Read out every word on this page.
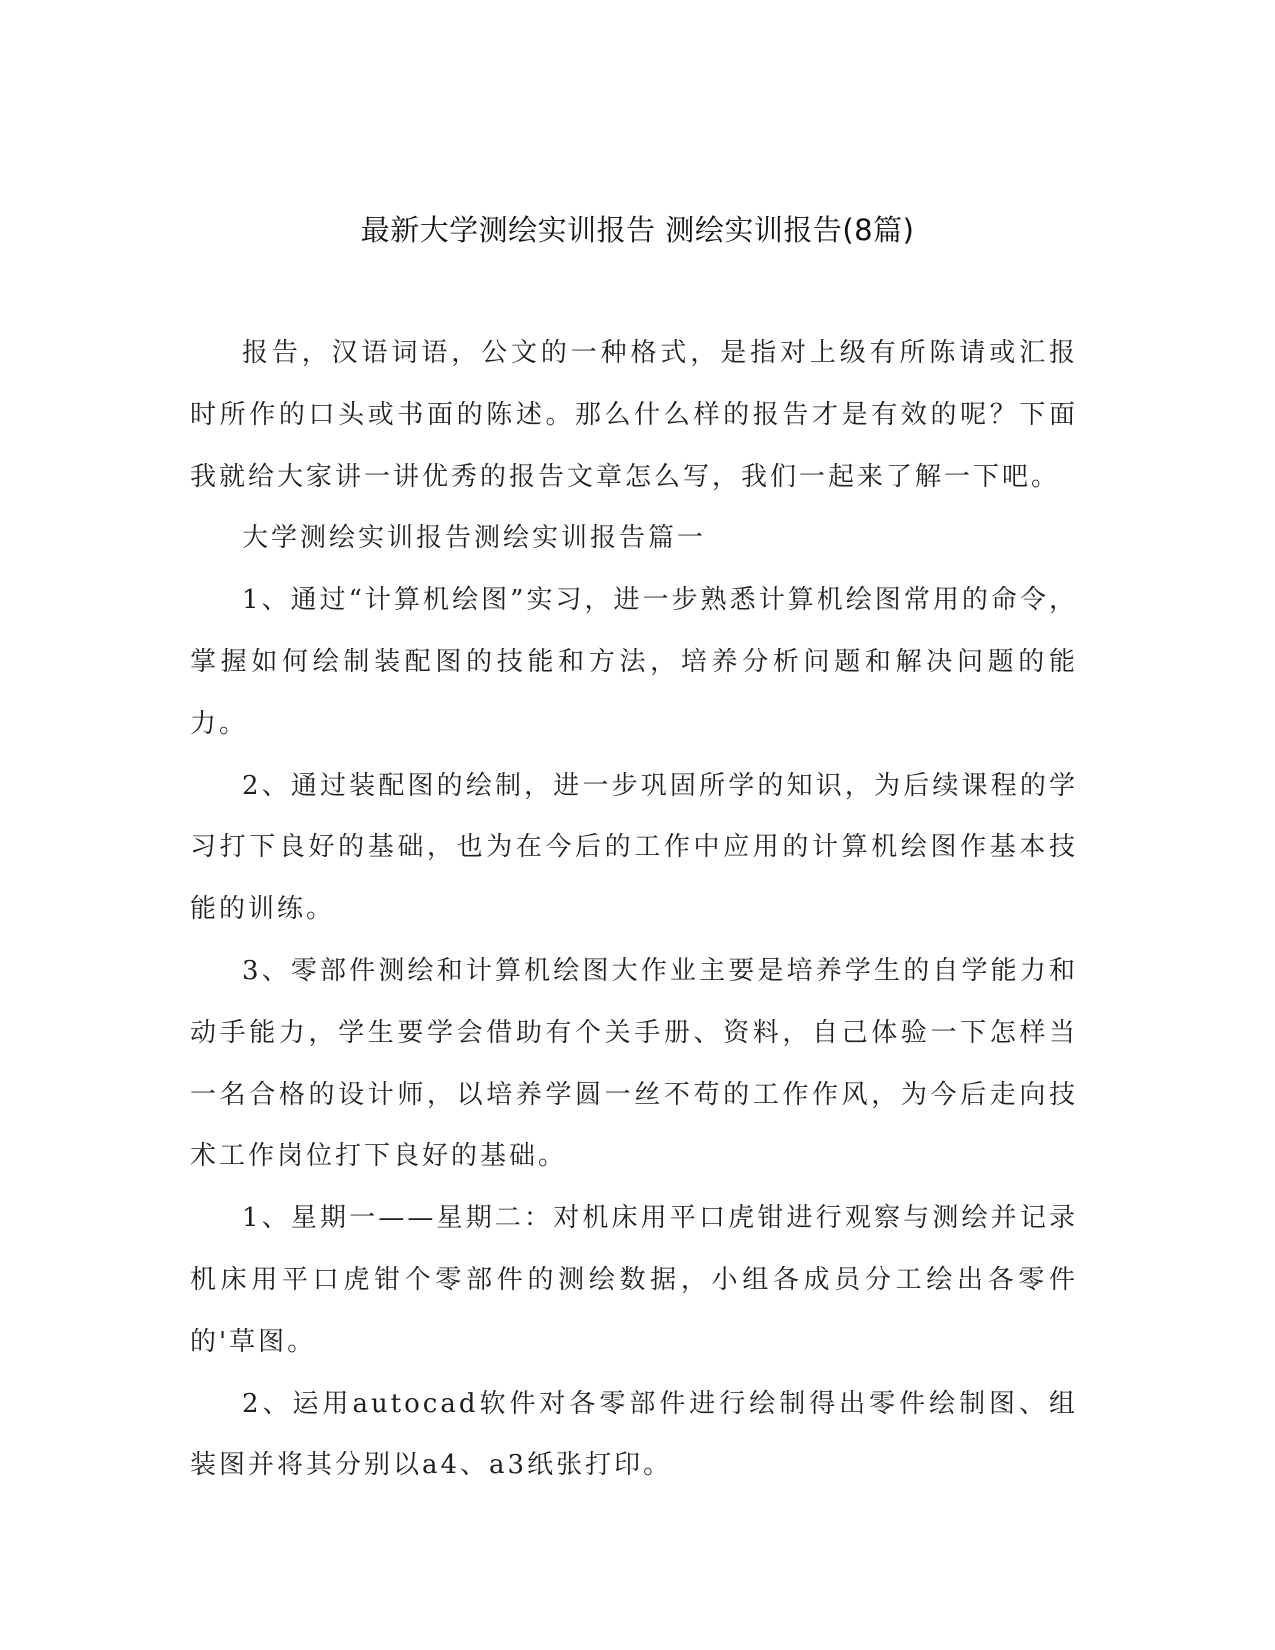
最新大学测绘实训报告 测绘实训报告(8篇)

报告，汉语词语，公文的一种格式，是指对上级有所陈请或汇报时所作的口头或书面的陈述。那么什么样的报告才是有效的呢？下面我就给大家讲一讲优秀的报告文章怎么写，我们一起来了解一下吧。

大学测绘实训报告测绘实训报告篇一

1、通过“计算机绘图”实习，进一步熟悉计算机绘图常用的命令，掌握如何绘制装配图的技能和方法，培养分析问题和解决问题的能力。

2、通过装配图的绘制，进一步巩固所学的知识，为后续课程的学习打下良好的基础，也为在今后的工作中应用的计算机绘图作基本技能的训练。

3、零部件测绘和计算机绘图大作业主要是培养学生的自学能力和动手能力，学生要学会借助有个关手册、资料，自己体验一下怎样当一名合格的设计师，以培养学圆一丝不苟的工作作风，为今后走向技术工作岗位打下良好的基础。

1、星期一——星期二：对机床用平口虎钳进行观察与测绘并记录机床用平口虎钳个零部件的测绘数据，小组各成员分工绘出各零件的'草图。

2、运用autocad软件对各零部件进行绘制得出零件绘制图、组装图并将其分别以a4、a3纸张打印。
